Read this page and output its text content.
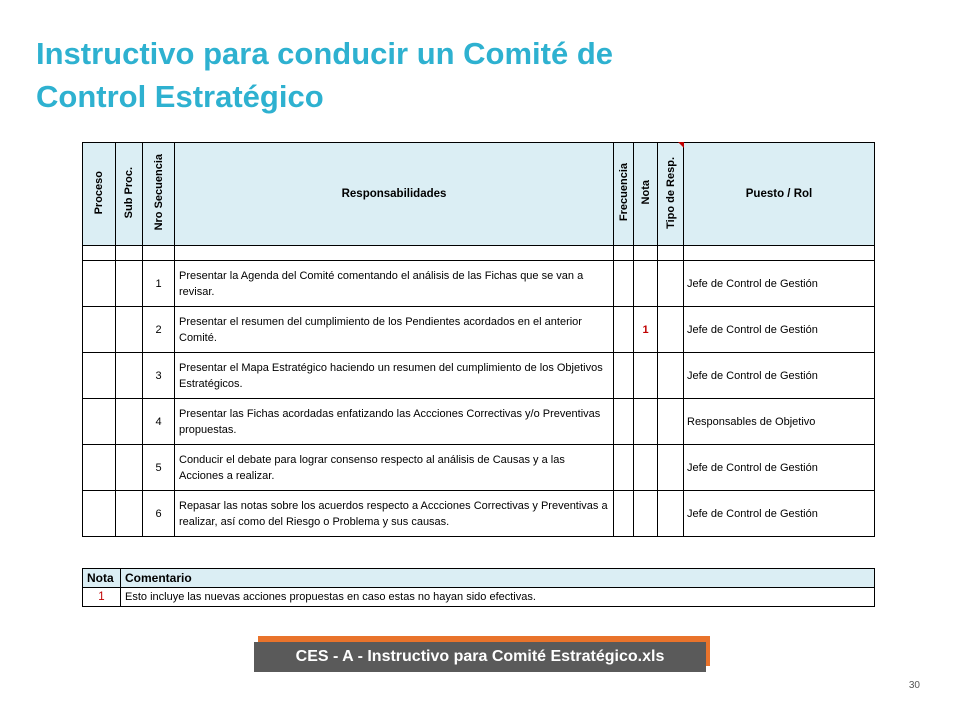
Instructivo para conducir un Comité de
Control Estratégico
Proceso	Sub Proc.	Nro Secuencia	Responsabilidades	Frecuencia	Nota	Tipo de Resp.	Puesto / Rol

		1	Presentar la Agenda del Comité comentando el análisis de las Fichas que se van a revisar.				Jefe de Control de Gestión
		2	Presentar el resumen del cumplimiento de los Pendientes acordados en el anterior Comité.		1		Jefe de Control de Gestión
		3	Presentar el Mapa Estratégico haciendo un resumen del cumplimiento de los Objetivos Estratégicos.				Jefe de Control de Gestión
		4	Presentar las Fichas acordadas enfatizando las Accciones Correctivas y/o Preventivas propuestas.				Responsables de Objetivo
		5	Conducir el debate para lograr consenso respecto al análisis de Causas y a las Acciones a realizar.				Jefe de Control de Gestión
		6	Repasar las notas sobre los acuerdos respecto a Accciones Correctivas y Preventivas a realizar, así como del Riesgo o Problema y sus causas.				Jefe de Control de Gestión
Nota	Comentario
1	Esto incluye las nuevas acciones propuestas en caso estas no hayan sido efectivas.
CES - A - Instructivo para Comité Estratégico.xls
30
